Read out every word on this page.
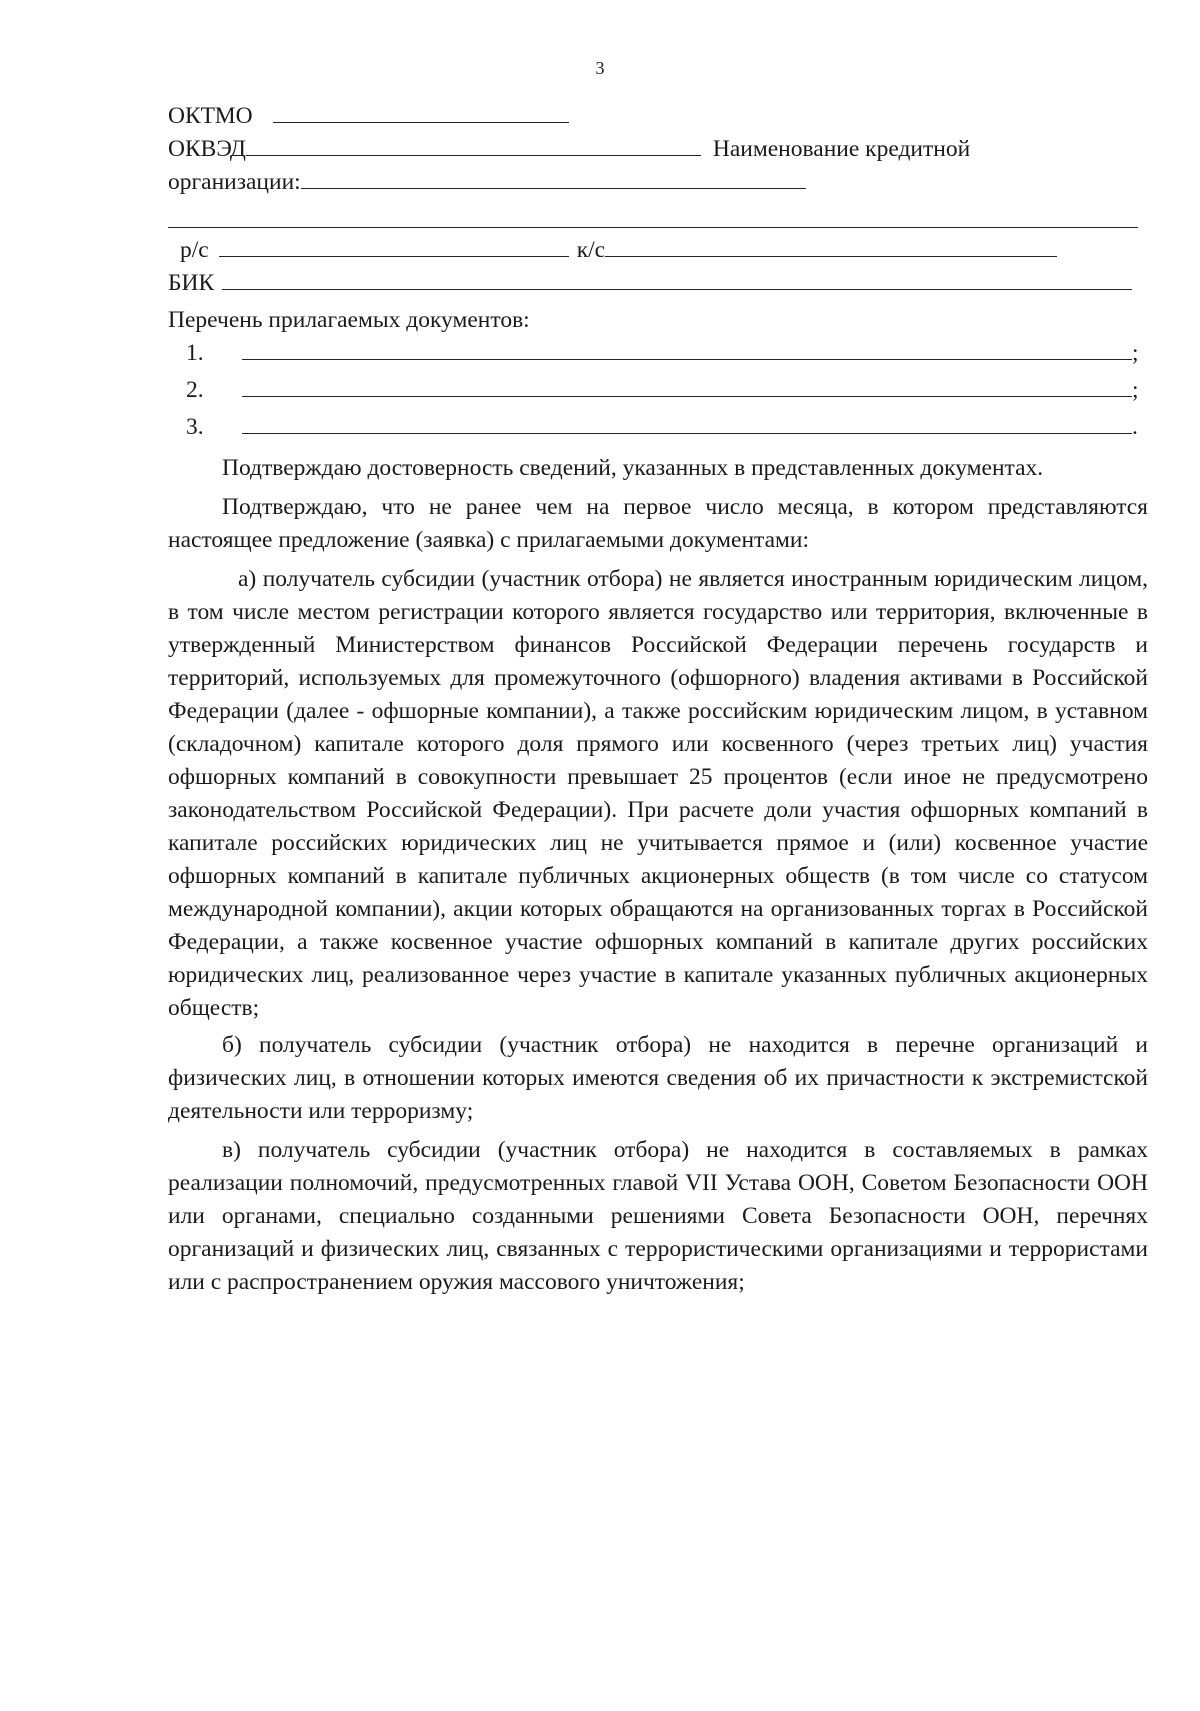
3
ОКТМО
ОКВЭД	Наименование кредитной
организации:
р/с	к/с
БИК
Перечень прилагаемых документов:
1.	;
2.	;
3.	.

Подтверждаю достоверность сведений, указанных в представленных документах.

Подтверждаю, что не ранее чем на первое число месяца, в котором представляются настоящее предложение (заявка) с прилагаемыми документами:

а) получатель субсидии (участник отбора) не является иностранным юридическим лицом, в том числе местом регистрации которого является государство или территория, включенные в утвержденный Министерством финансов Российской Федерации перечень государств и территорий, используемых для промежуточного (офшорного) владения активами в Российской Федерации (далее - офшорные компании), а также российским юридическим лицом, в уставном (складочном) капитале которого доля прямого или косвенного (через третьих лиц) участия офшорных компаний в совокупности превышает 25 процентов (если иное не предусмотрено законодательством Российской Федерации). При расчете доли участия офшорных компаний в капитале российских юридических лиц не учитывается прямое и (или) косвенное участие офшорных компаний в капитале публичных акционерных обществ (в том числе со статусом международной компании), акции которых обращаются на организованных торгах в Российской Федерации, а также косвенное участие офшорных компаний в капитале других российских юридических лиц, реализованное через участие в капитале указанных публичных акционерных обществ;

б) получатель субсидии (участник отбора) не находится в перечне организаций и физических лиц, в отношении которых имеются сведения об их причастности к экстремистской деятельности или терроризму;

в) получатель субсидии (участник отбора) не находится в составляемых в рамках реализации полномочий, предусмотренных главой VII Устава ООН, Советом Безопасности ООН или органами, специально созданными решениями Совета Безопасности ООН, перечнях организаций и физических лиц, связанных с террористическими организациями и террористами или с распространением оружия массового уничтожения;
